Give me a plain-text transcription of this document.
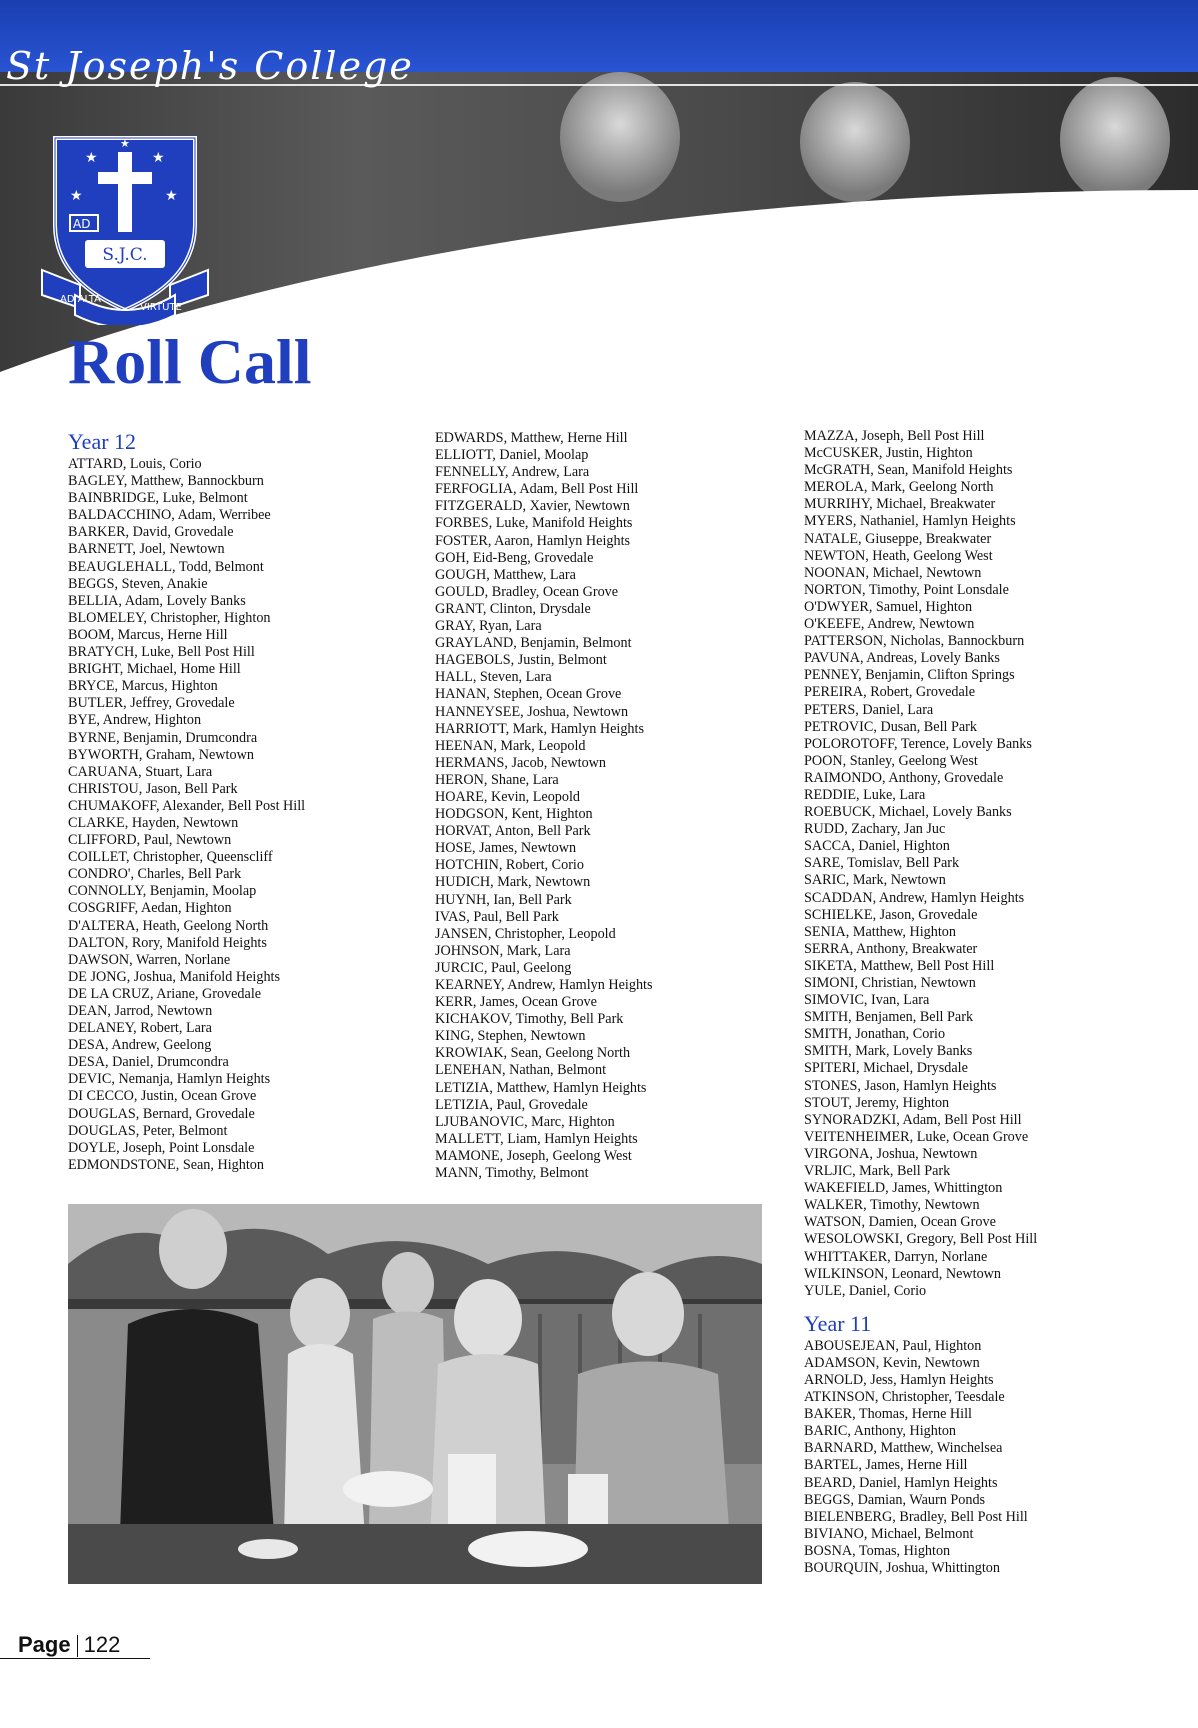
St Joseph's College
★	★
★	★
★
AD
S.J.C.
AD ALTA
VIRTUTE
Roll Call
Year 12
ATTARD, Louis, Corio
BAGLEY, Matthew, Bannockburn
BAINBRIDGE, Luke, Belmont
BALDACCHINO, Adam, Werribee
BARKER, David, Grovedale
BARNETT, Joel, Newtown
BEAUGLEHALL, Todd, Belmont
BEGGS, Steven, Anakie
BELLIA, Adam, Lovely Banks
BLOMELEY, Christopher, Highton
BOOM, Marcus, Herne Hill
BRATYCH, Luke, Bell Post Hill
BRIGHT, Michael, Home Hill
BRYCE, Marcus, Highton
BUTLER, Jeffrey, Grovedale
BYE, Andrew, Highton
BYRNE, Benjamin, Drumcondra
BYWORTH, Graham, Newtown
CARUANA, Stuart, Lara
CHRISTOU, Jason, Bell Park
CHUMAKOFF, Alexander, Bell Post Hill
CLARKE, Hayden, Newtown
CLIFFORD, Paul, Newtown
COILLET, Christopher, Queenscliff
CONDRO', Charles, Bell Park
CONNOLLY, Benjamin, Moolap
COSGRIFF, Aedan, Highton
D'ALTERA, Heath, Geelong North
DALTON, Rory, Manifold Heights
DAWSON, Warren, Norlane
DE JONG, Joshua, Manifold Heights
DE LA CRUZ, Ariane, Grovedale
DEAN, Jarrod, Newtown
DELANEY, Robert, Lara
DESA, Andrew, Geelong
DESA, Daniel, Drumcondra
DEVIC, Nemanja, Hamlyn Heights
DI CECCO, Justin, Ocean Grove
DOUGLAS, Bernard, Grovedale
DOUGLAS, Peter, Belmont
DOYLE, Joseph, Point Lonsdale
EDMONDSTONE, Sean, Highton
EDWARDS, Matthew, Herne Hill
ELLIOTT, Daniel, Moolap
FENNELLY, Andrew, Lara
FERFOGLIA, Adam, Bell Post Hill
FITZGERALD, Xavier, Newtown
FORBES, Luke, Manifold Heights
FOSTER, Aaron, Hamlyn Heights
GOH, Eid-Beng, Grovedale
GOUGH, Matthew, Lara
GOULD, Bradley, Ocean Grove
GRANT, Clinton, Drysdale
GRAY, Ryan, Lara
GRAYLAND, Benjamin, Belmont
HAGEBOLS, Justin, Belmont
HALL, Steven, Lara
HANAN, Stephen, Ocean Grove
HANNEYSEE, Joshua, Newtown
HARRIOTT, Mark, Hamlyn Heights
HEENAN, Mark, Leopold
HERMANS, Jacob, Newtown
HERON, Shane, Lara
HOARE, Kevin, Leopold
HODGSON, Kent, Highton
HORVAT, Anton, Bell Park
HOSE, James, Newtown
HOTCHIN, Robert, Corio
HUDICH, Mark, Newtown
HUYNH, Ian, Bell Park
IVAS, Paul, Bell Park
JANSEN, Christopher, Leopold
JOHNSON, Mark, Lara
JURCIC, Paul, Geelong
KEARNEY, Andrew, Hamlyn Heights
KERR, James, Ocean Grove
KICHAKOV, Timothy, Bell Park
KING, Stephen, Newtown
KROWIAK, Sean, Geelong North
LENEHAN, Nathan, Belmont
LETIZIA, Matthew, Hamlyn Heights
LETIZIA, Paul, Grovedale
LJUBANOVIC, Marc, Highton
MALLETT, Liam, Hamlyn Heights
MAMONE, Joseph, Geelong West
MANN, Timothy, Belmont
MAZZA, Joseph, Bell Post Hill
McCUSKER, Justin, Highton
McGRATH, Sean, Manifold Heights
MEROLA, Mark, Geelong North
MURRIHY, Michael, Breakwater
MYERS, Nathaniel, Hamlyn Heights
NATALE, Giuseppe, Breakwater
NEWTON, Heath, Geelong West
NOONAN, Michael, Newtown
NORTON, Timothy, Point Lonsdale
O'DWYER, Samuel, Highton
O'KEEFE, Andrew, Newtown
PATTERSON, Nicholas, Bannockburn
PAVUNA, Andreas, Lovely Banks
PENNEY, Benjamin, Clifton Springs
PEREIRA, Robert, Grovedale
PETERS, Daniel, Lara
PETROVIC, Dusan, Bell Park
POLOROTOFF, Terence, Lovely Banks
POON, Stanley, Geelong West
RAIMONDO, Anthony, Grovedale
REDDIE, Luke, Lara
ROEBUCK, Michael, Lovely Banks
RUDD, Zachary, Jan Juc
SACCA, Daniel, Highton
SARE, Tomislav, Bell Park
SARIC, Mark, Newtown
SCADDAN, Andrew, Hamlyn Heights
SCHIELKE, Jason, Grovedale
SENIA, Matthew, Highton
SERRA, Anthony, Breakwater
SIKETA, Matthew, Bell Post Hill
SIMONI, Christian, Newtown
SIMOVIC, Ivan, Lara
SMITH, Benjamen, Bell Park
SMITH, Jonathan, Corio
SMITH, Mark, Lovely Banks
SPITERI, Michael, Drysdale
STONES, Jason, Hamlyn Heights
STOUT, Jeremy, Highton
SYNORADZKI, Adam, Bell Post Hill
VEITENHEIMER, Luke, Ocean Grove
VIRGONA, Joshua, Newtown
VRLJIC, Mark, Bell Park
WAKEFIELD, James, Whittington
WALKER, Timothy, Newtown
WATSON, Damien, Ocean Grove
WESOLOWSKI, Gregory, Bell Post Hill
WHITTAKER, Darryn, Norlane
WILKINSON, Leonard, Newtown
YULE, Daniel, Corio
Year 11
ABOUSEJEAN, Paul, Highton
ADAMSON, Kevin, Newtown
ARNOLD, Jess, Hamlyn Heights
ATKINSON, Christopher, Teesdale
BAKER, Thomas, Herne Hill
BARIC, Anthony, Highton
BARNARD, Matthew, Winchelsea
BARTEL, James, Herne Hill
BEARD, Daniel, Hamlyn Heights
BEGGS, Damian, Waurn Ponds
BIELENBERG, Bradley, Bell Post Hill
BIVIANO, Michael, Belmont
BOSNA, Tomas, Highton
BOURQUIN, Joshua, Whittington
Page 122
